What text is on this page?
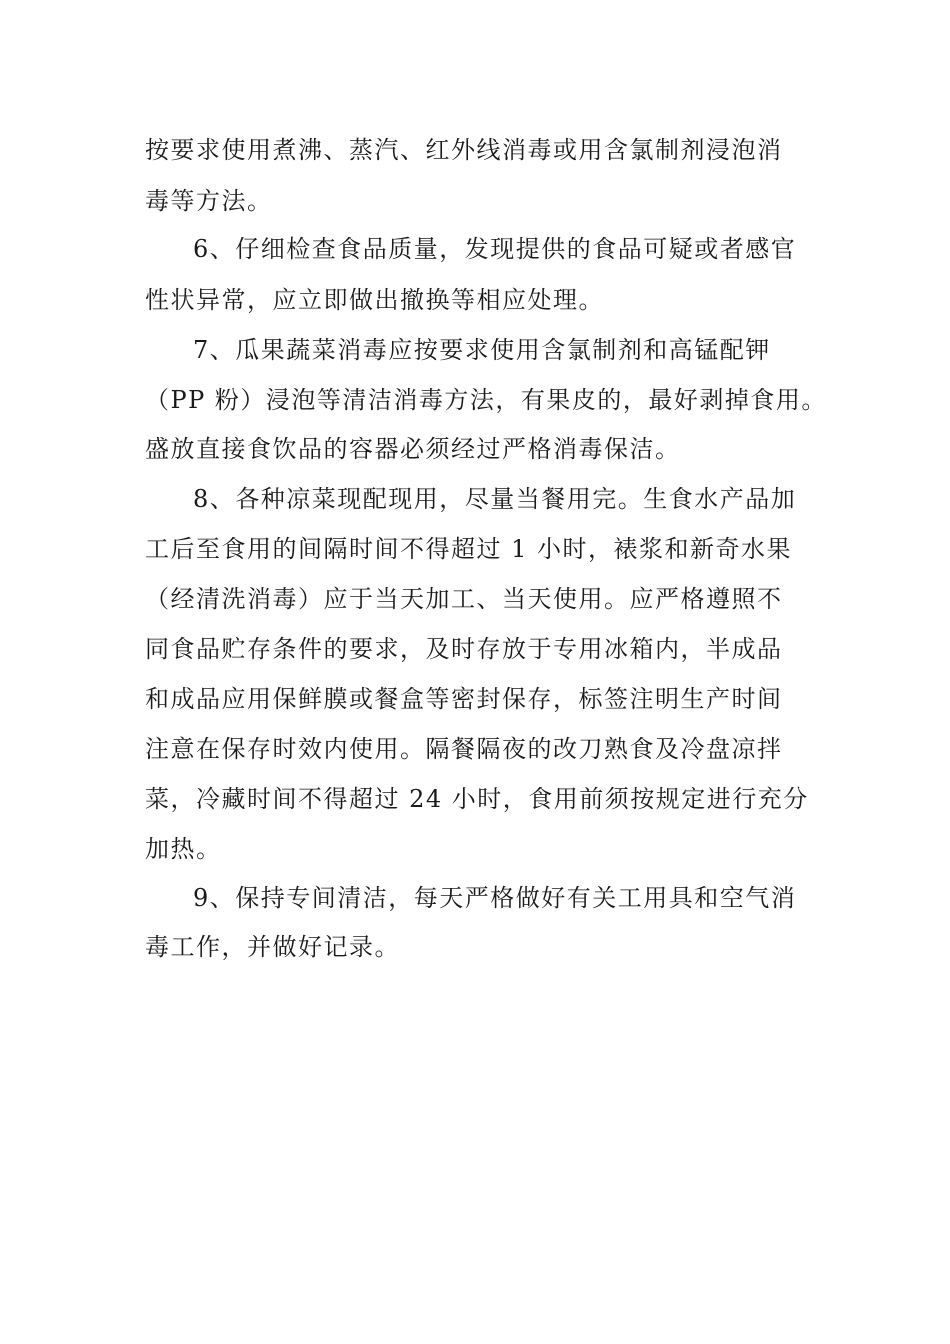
按要求使用煮沸、蒸汽、红外线消毒或用含氯制剂浸泡消
毒等方法。
6、仔细检查食品质量，发现提供的食品可疑或者感官
性状异常，应立即做出撤换等相应处理。
7、瓜果蔬菜消毒应按要求使用含氯制剂和高锰配钾
（PP 粉）浸泡等清洁消毒方法，有果皮的，最好剥掉食用。
盛放直接食饮品的容器必须经过严格消毒保洁。
8、各种凉菜现配现用，尽量当餐用完。生食水产品加
工后至食用的间隔时间不得超过 1 小时，裱浆和新奇水果
（经清洗消毒）应于当天加工、当天使用。应严格遵照不
同食品贮存条件的要求，及时存放于专用冰箱内，半成品
和成品应用保鲜膜或餐盒等密封保存，标签注明生产时间
注意在保存时效内使用。隔餐隔夜的改刀熟食及冷盘凉拌
菜，冷藏时间不得超过 24 小时，食用前须按规定进行充分
加热。
9、保持专间清洁，每天严格做好有关工用具和空气消
毒工作，并做好记录。
